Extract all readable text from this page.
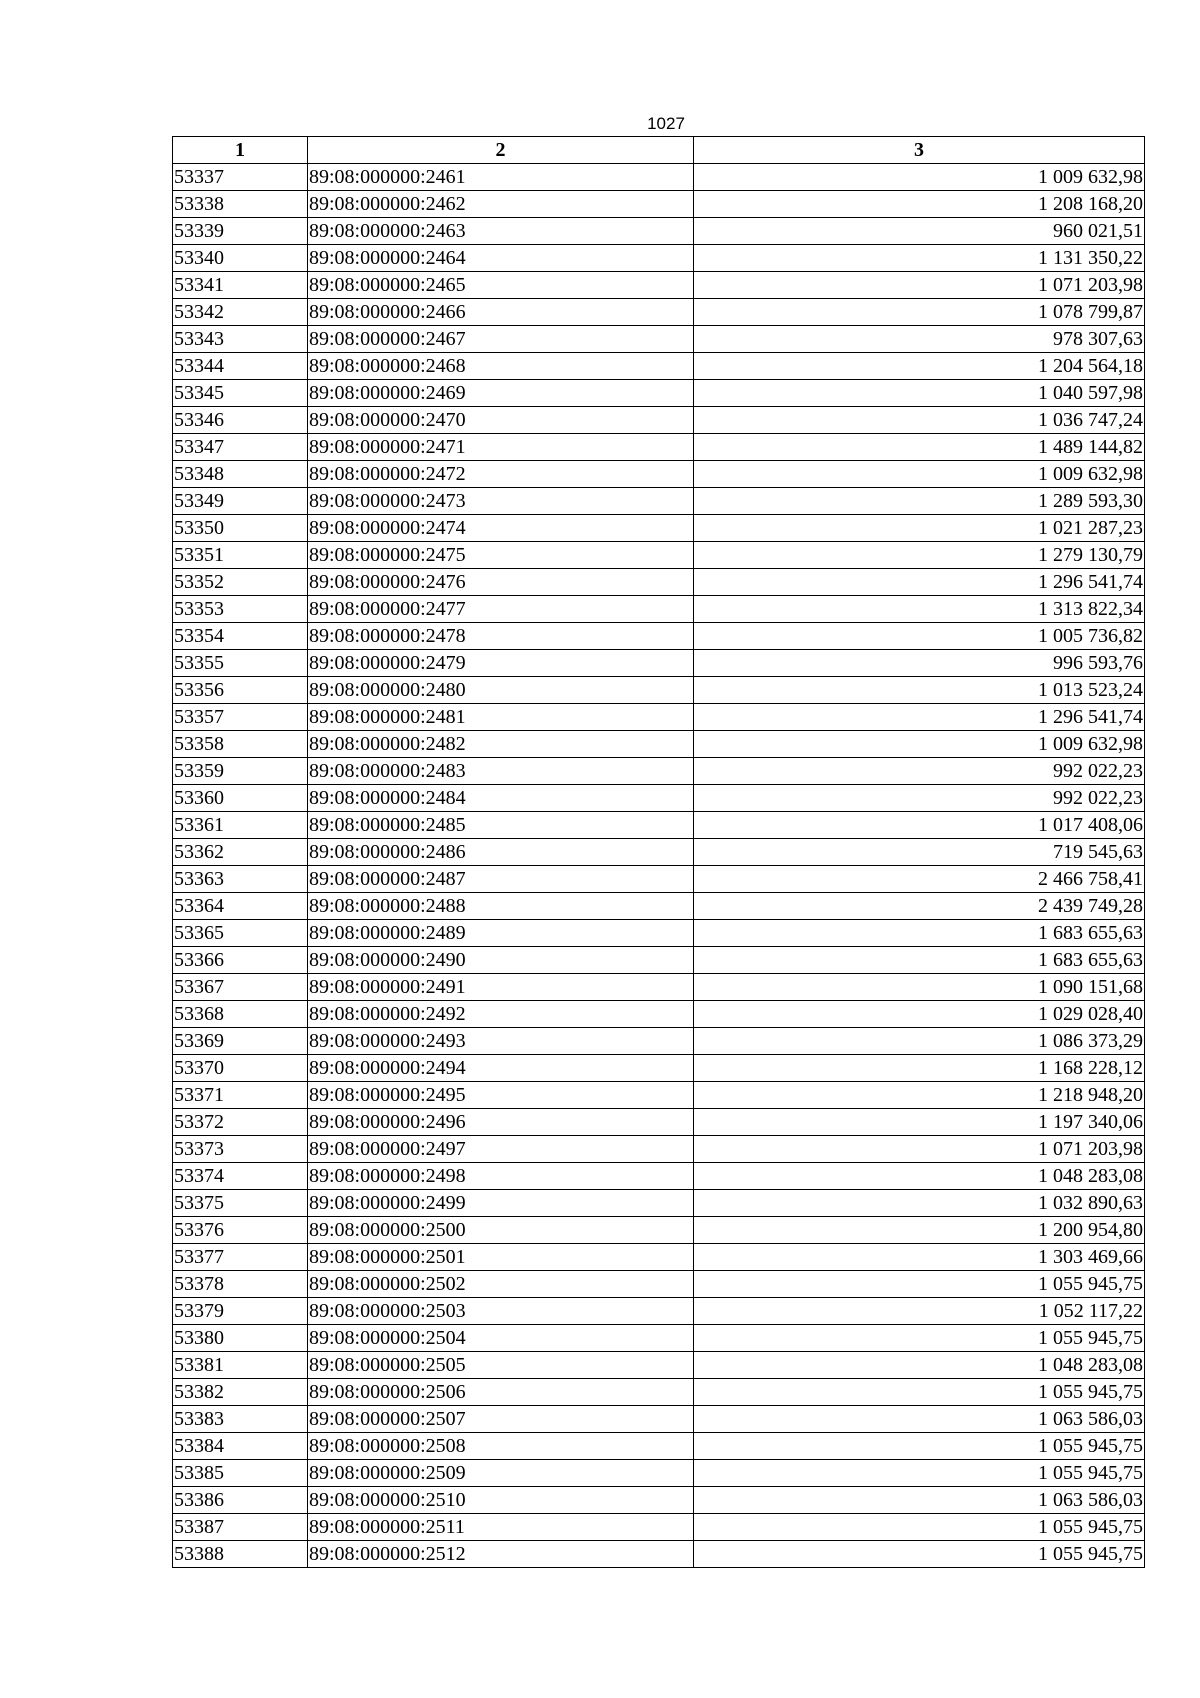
1027
1	2	3
53337	89:08:000000:2461	1 009 632,98
53338	89:08:000000:2462	1 208 168,20
53339	89:08:000000:2463	960 021,51
53340	89:08:000000:2464	1 131 350,22
53341	89:08:000000:2465	1 071 203,98
53342	89:08:000000:2466	1 078 799,87
53343	89:08:000000:2467	978 307,63
53344	89:08:000000:2468	1 204 564,18
53345	89:08:000000:2469	1 040 597,98
53346	89:08:000000:2470	1 036 747,24
53347	89:08:000000:2471	1 489 144,82
53348	89:08:000000:2472	1 009 632,98
53349	89:08:000000:2473	1 289 593,30
53350	89:08:000000:2474	1 021 287,23
53351	89:08:000000:2475	1 279 130,79
53352	89:08:000000:2476	1 296 541,74
53353	89:08:000000:2477	1 313 822,34
53354	89:08:000000:2478	1 005 736,82
53355	89:08:000000:2479	996 593,76
53356	89:08:000000:2480	1 013 523,24
53357	89:08:000000:2481	1 296 541,74
53358	89:08:000000:2482	1 009 632,98
53359	89:08:000000:2483	992 022,23
53360	89:08:000000:2484	992 022,23
53361	89:08:000000:2485	1 017 408,06
53362	89:08:000000:2486	719 545,63
53363	89:08:000000:2487	2 466 758,41
53364	89:08:000000:2488	2 439 749,28
53365	89:08:000000:2489	1 683 655,63
53366	89:08:000000:2490	1 683 655,63
53367	89:08:000000:2491	1 090 151,68
53368	89:08:000000:2492	1 029 028,40
53369	89:08:000000:2493	1 086 373,29
53370	89:08:000000:2494	1 168 228,12
53371	89:08:000000:2495	1 218 948,20
53372	89:08:000000:2496	1 197 340,06
53373	89:08:000000:2497	1 071 203,98
53374	89:08:000000:2498	1 048 283,08
53375	89:08:000000:2499	1 032 890,63
53376	89:08:000000:2500	1 200 954,80
53377	89:08:000000:2501	1 303 469,66
53378	89:08:000000:2502	1 055 945,75
53379	89:08:000000:2503	1 052 117,22
53380	89:08:000000:2504	1 055 945,75
53381	89:08:000000:2505	1 048 283,08
53382	89:08:000000:2506	1 055 945,75
53383	89:08:000000:2507	1 063 586,03
53384	89:08:000000:2508	1 055 945,75
53385	89:08:000000:2509	1 055 945,75
53386	89:08:000000:2510	1 063 586,03
53387	89:08:000000:2511	1 055 945,75
53388	89:08:000000:2512	1 055 945,75
